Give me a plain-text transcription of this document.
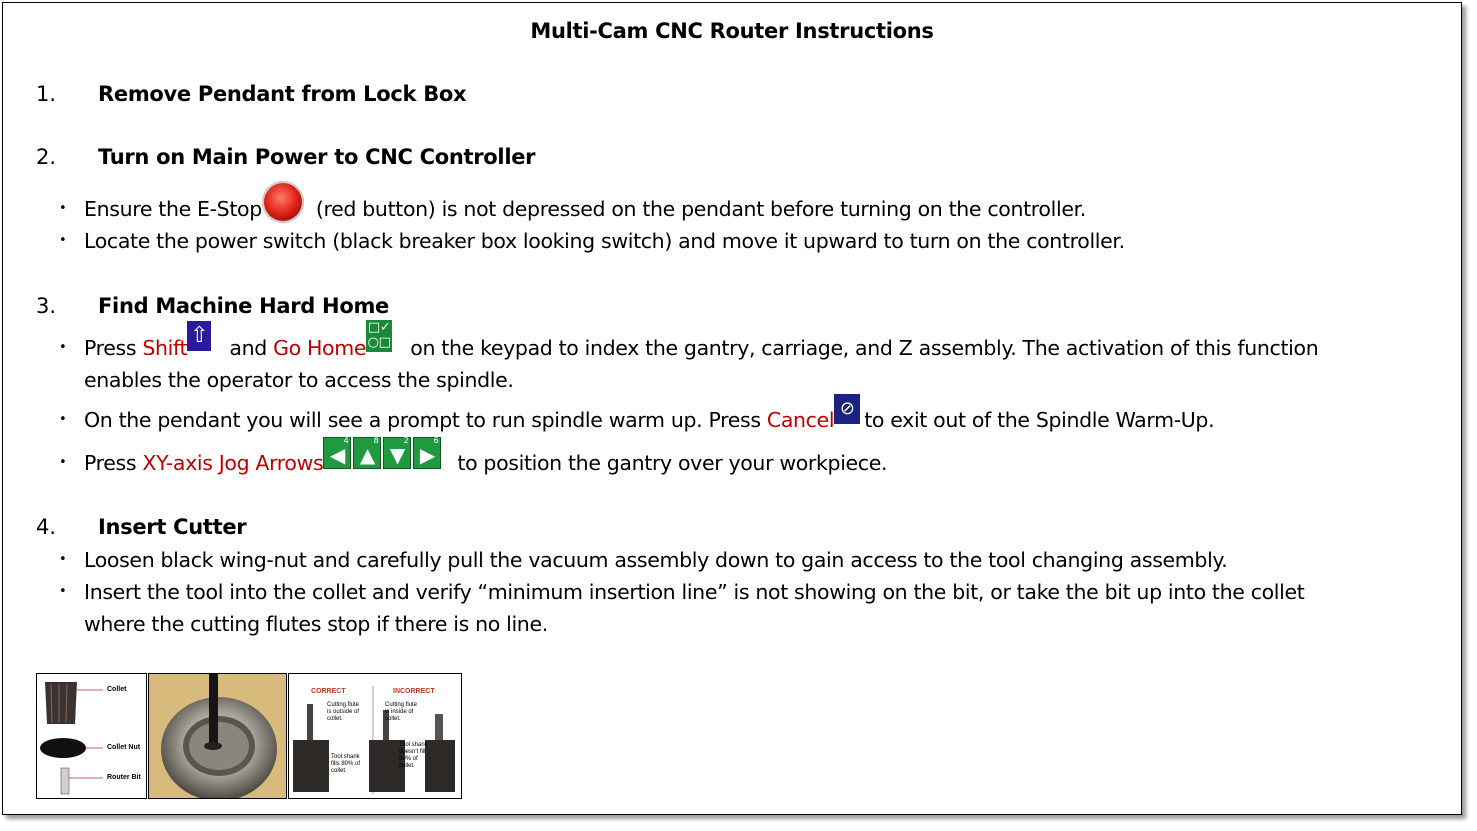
Multi-Cam CNC Router Instructions
1. Remove Pendant from Lock Box
2. Turn on Main Power to CNC Controller
• Ensure the E-Stop	(red button) is not depressed on the pendant before turning on the controller.
• Locate the power switch (black breaker box looking switch) and move it upward to turn on the controller.
3. Find Machine Hard Home
• Press Shift ⇧ and Go Home□✓
○□ on the keypad to index the gantry, carriage, and Z assembly. The activation of this function
enables the operator to access the spindle.
• On the pendant you will see a prompt to run spindle warm up. Press Cancel ⊘ to exit out of the Spindle Warm-Up.
• Press XY-axis Jog Arrows ◀
4
▲
8
▼
2
▶
6
to position the gantry over your workpiece.
4. Insert Cutter
• Loosen black wing-nut and carefully pull the vacuum assembly down to gain access to the tool changing assembly.
• Insert the tool into the collet and verify “minimum insertion line” is not showing on the bit, or take the bit up into the collet
where the cutting flutes stop if there is no line.
Collet
Collet Nut
Router Bit
CORRECT	INCORRECT
Cutting flute
is outside of
collet.
Tool shank
fills 80% of
collet.
Cutting flute
is inside of
collet.
Tool shank
doesn't fill
80% of
collet.
